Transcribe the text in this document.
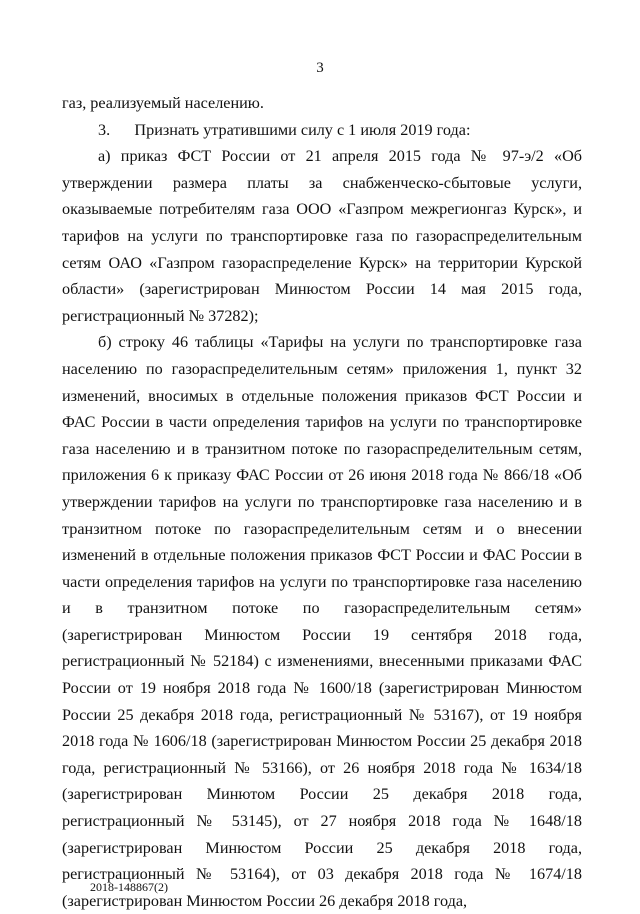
3

газ, реализуемый населению.

3.  Признать утратившими силу с 1 июля 2019 года:

а) приказ ФСТ России от 21 апреля 2015 года № 97-э/2 «Об утверждении размера платы за снабженческо-сбытовые услуги, оказываемые потребителям газа ООО «Газпром межрегионгаз Курск», и тарифов на услуги по транспортировке газа по газораспределительным сетям ОАО «Газпром газораспределение Курск» на территории Курской области» (зарегистрирован Минюстом России 14 мая 2015 года, регистрационный № 37282);

б) строку 46 таблицы «Тарифы на услуги по транспортировке газа населению по газораспределительным сетям» приложения 1, пункт 32 изменений, вносимых в отдельные положения приказов ФСТ России и ФАС России в части определения тарифов на услуги по транспортировке газа населению и в транзитном потоке по газораспределительным сетям, приложения 6 к приказу ФАС России от 26 июня 2018 года № 866/18 «Об утверждении тарифов на услуги по транспортировке газа населению и в транзитном потоке по газораспределительным сетям и о внесении изменений в отдельные положения приказов ФСТ России и ФАС России в части определения тарифов на услуги по транспортировке газа населению и в транзитном потоке по газораспределительным сетям» (зарегистрирован Минюстом России 19 сентября 2018 года, регистрационный № 52184) с изменениями, внесенными приказами ФАС России от 19 ноября 2018 года № 1600/18 (зарегистрирован Минюстом России 25 декабря 2018 года, регистрационный № 53167), от 19 ноября 2018 года № 1606/18 (зарегистрирован Минюстом России 25 декабря 2018 года, регистрационный № 53166), от 26 ноября 2018 года № 1634/18 (зарегистрирован Минютом России 25 декабря 2018 года, регистрационный № 53145), от 27 ноября 2018 года № 1648/18 (зарегистрирован Минюстом России 25 декабря 2018 года, регистрационный № 53164), от 03 декабря 2018 года № 1674/18 (зарегистрирован Минюстом России 26 декабря 2018 года,

2018-148867(2)
